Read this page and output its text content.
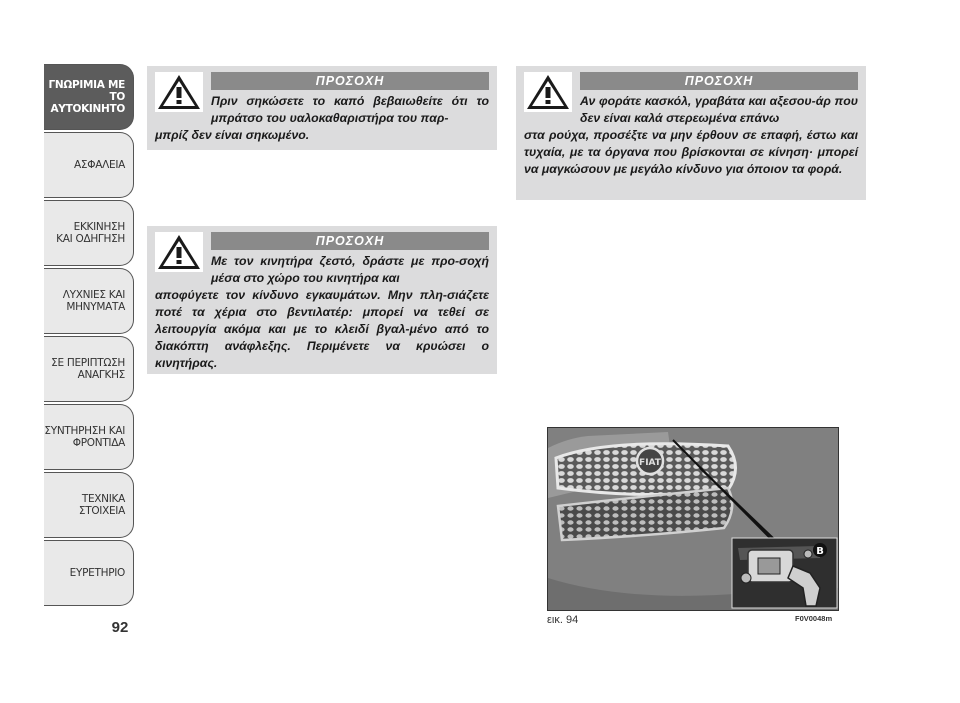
ΓΝΩΡΙΜΙΑ ΜΕ
ΤΟ ΑΥΤΟΚΙΝΗΤΟ
ΑΣΦΑΛΕΙΑ
ΕΚΚΙΝΗΣΗ
ΚΑΙ ΟΔΗΓΗΣΗ
ΛΥΧΝΙΕΣ ΚΑΙ
ΜΗΝΥΜΑΤΑ
ΣΕ ΠΕΡΙΠΤΩΣΗ
ΑΝΑΓΚΗΣ
ΣΥΝΤΗΡΗΣΗ ΚΑΙ
ΦΡΟΝΤΙΔΑ
ΤΕΧΝΙΚΑ
ΣΤΟΙΧΕΙΑ
ΕΥΡΕΤΗΡΙΟ
92
ΠΡΟΣΟΧΗ
Πριν σηκώσετε το καπό βεβαιωθείτε ότι το μπράτσο του υαλοκαθαριστήρα του παρ-
μπρίζ δεν είναι σηκωμένο.
ΠΡΟΣΟΧΗ
Με τον κινητήρα ζεστό, δράστε με προ-σοχή μέσα στο χώρο του κινητήρα και
αποφύγετε τον κίνδυνο εγκαυμάτων. Μην πλη-σιάζετε ποτέ τα χέρια στο βεντιλατέρ: μπορεί να τεθεί σε λειτουργία ακόμα και με το κλειδί βγαλ-μένο από το διακόπτη ανάφλεξης. Περιμένετε να κρυώσει ο κινητήρας.
ΠΡΟΣΟΧΗ
Αν φοράτε κασκόλ, γραβάτα και αξεσου-άρ που δεν είναι καλά στερεωμένα επάνω
στα ρούχα, προσέξτε να μην έρθουν σε επαφή, έστω και τυχαία, με τα όργανα που βρίσκονται σε κίνηση· μπορεί να μαγκώσουν με μεγάλο κίνδυνο για όποιον τα φορά.
FIAT
B
εικ. 94	F0V0048m
